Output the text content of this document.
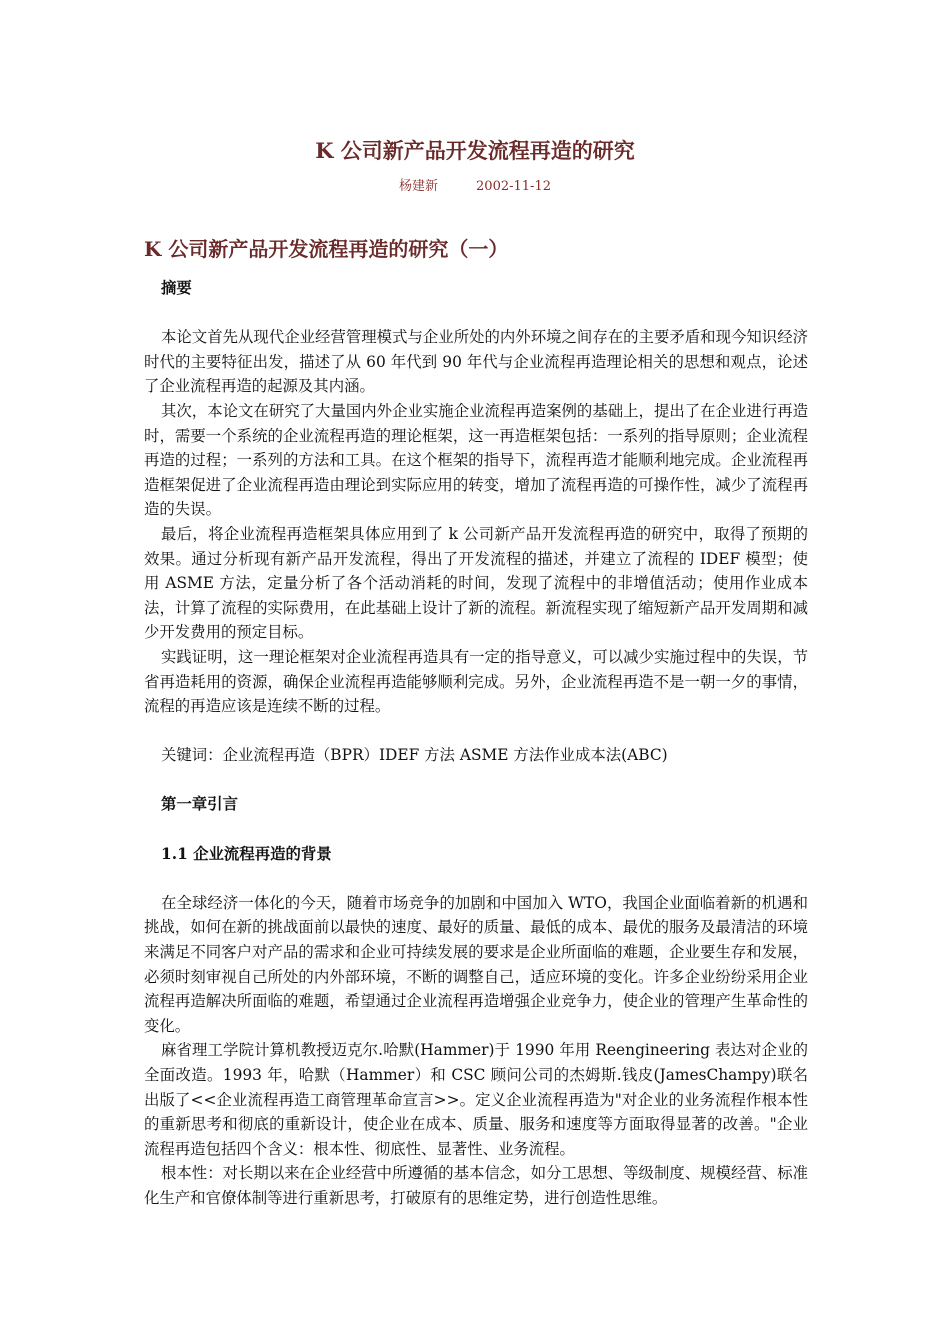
K 公司新产品开发流程再造的研究
杨建新	2002-11-12
K 公司新产品开发流程再造的研究（一）

摘要

本论文首先从现代企业经营管理模式与企业所处的内外环境之间存在的主要矛盾和现今知识经济时代的主要特征出发，描述了从 60 年代到 90 年代与企业流程再造理论相关的思想和观点，论述了企业流程再造的起源及其内涵。

其次，本论文在研究了大量国内外企业实施企业流程再造案例的基础上，提出了在企业进行再造时，需要一个系统的企业流程再造的理论框架，这一再造框架包括：一系列的指导原则；企业流程再造的过程；一系列的方法和工具。在这个框架的指导下，流程再造才能顺利地完成。企业流程再造框架促进了企业流程再造由理论到实际应用的转变，增加了流程再造的可操作性，减少了流程再造的失误。

最后，将企业流程再造框架具体应用到了 k 公司新产品开发流程再造的研究中，取得了预期的效果。通过分析现有新产品开发流程，得出了开发流程的描述，并建立了流程的 IDEF 模型；使用 ASME 方法，定量分析了各个活动消耗的时间，发现了流程中的非增值活动；使用作业成本法，计算了流程的实际费用，在此基础上设计了新的流程。新流程实现了缩短新产品开发周期和减少开发费用的预定目标。

实践证明，这一理论框架对企业流程再造具有一定的指导意义，可以减少实施过程中的失误，节省再造耗用的资源，确保企业流程再造能够顺利完成。另外，企业流程再造不是一朝一夕的事情，流程的再造应该是连续不断的过程。

关键词：企业流程再造（BPR）IDEF 方法 ASME 方法作业成本法(ABC)

第一章引言

1.1 企业流程再造的背景

在全球经济一体化的今天，随着市场竞争的加剧和中国加入 WTO，我国企业面临着新的机遇和挑战，如何在新的挑战面前以最快的速度、最好的质量、最低的成本、最优的服务及最清洁的环境来满足不同客户对产品的需求和企业可持续发展的要求是企业所面临的难题，企业要生存和发展，必须时刻审视自己所处的内外部环境，不断的调整自己，适应环境的变化。许多企业纷纷采用企业流程再造解决所面临的难题，希望通过企业流程再造增强企业竞争力，使企业的管理产生革命性的变化。

麻省理工学院计算机教授迈克尔.哈默(Hammer)于 1990 年用 Reengineering 表达对企业的全面改造。1993 年，哈默（Hammer）和 CSC 顾问公司的杰姆斯.钱皮(JamesChampy)联名出版了<<企业流程再造工商管理革命宣言>>。定义企业流程再造为"对企业的业务流程作根本性的重新思考和彻底的重新设计，使企业在成本、质量、服务和速度等方面取得显著的改善。"企业流程再造包括四个含义：根本性、彻底性、显著性、业务流程。

根本性：对长期以来在企业经营中所遵循的基本信念，如分工思想、等级制度、规模经营、标准化生产和官僚体制等进行重新思考，打破原有的思维定势，进行创造性思维。
